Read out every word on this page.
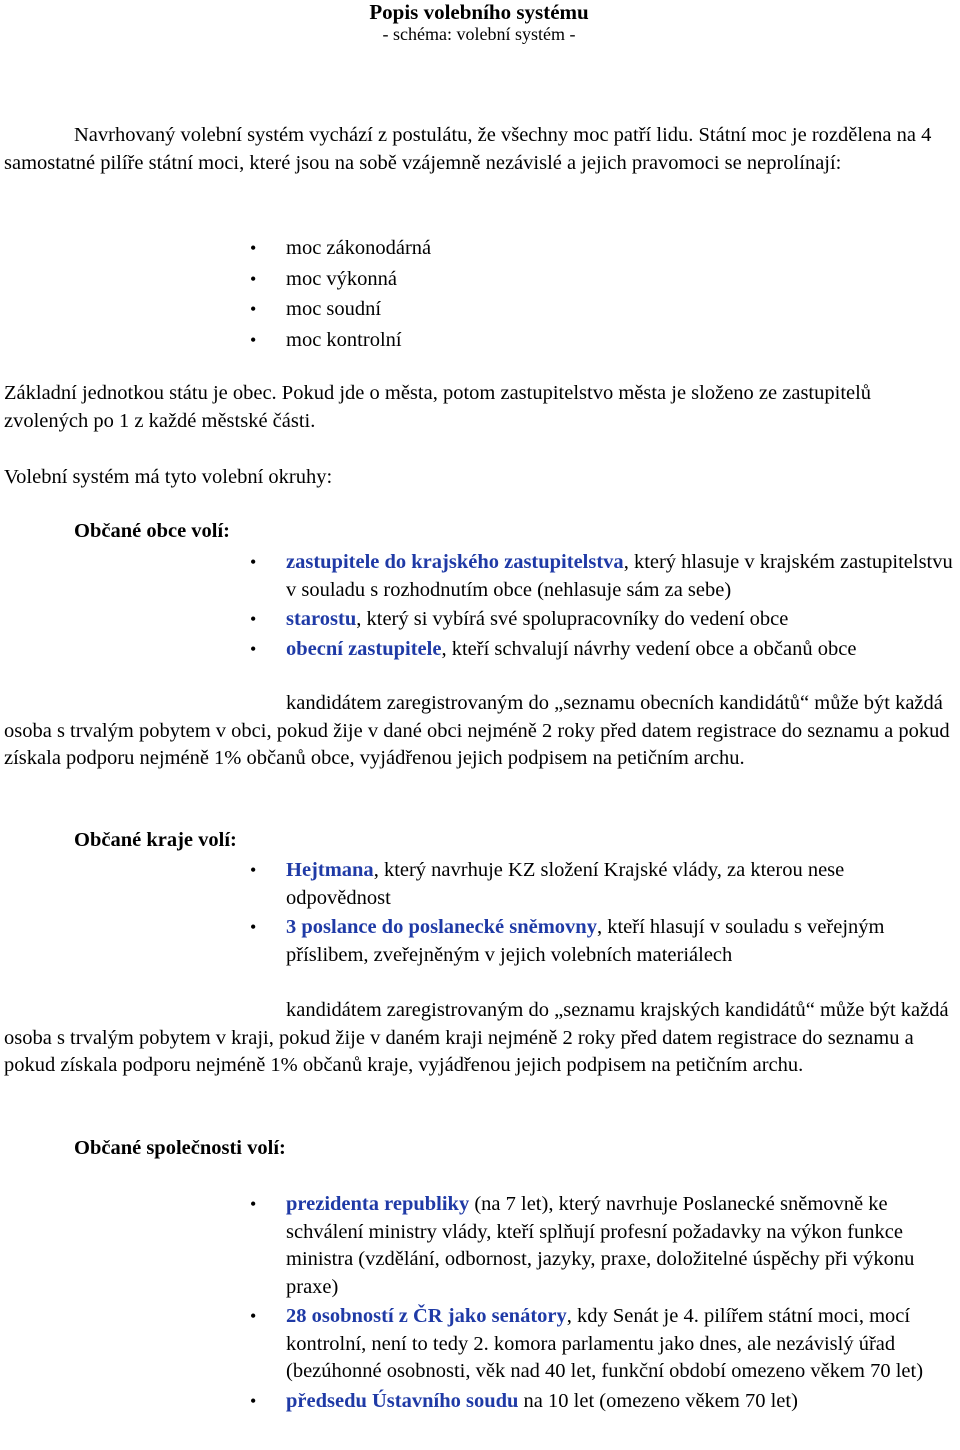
Popis volebního systému
- schéma: volební systém -

Navrhovaný volební systém vychází z postulátu, že všechny moc patří lidu. Státní moc je rozdělena na 4 samostatné pilíře státní moci, které jsou na sobě vzájemně nezávislé a jejich pravomoci se neprolínají:

• moc zákonodárná
• moc výkonná
• moc soudní
• moc kontrolní

Základní jednotkou státu je obec. Pokud jde o města, potom zastupitelstvo města je složeno ze zastupitelů zvolených po 1 z každé městské části.

Volební systém má tyto volební okruhy:

Občané obce volí:
• zastupitele do krajského zastupitelstva, který hlasuje v krajském zastupitelstvu v souladu s rozhodnutím obce (nehlasuje sám za sebe)
• starostu, který si vybírá své spolupracovníky do vedení obce
• obecní zastupitele, kteří schvalují návrhy vedení obce a občanů obce

kandidátem zaregistrovaným do „seznamu obecních kandidátů“ může být každá osoba s trvalým pobytem v obci, pokud žije v dané obci nejméně 2 roky před datem registrace do seznamu a pokud získala podporu nejméně 1% občanů obce, vyjádřenou jejich podpisem na petičním archu.

Občané kraje volí:
• Hejtmana, který navrhuje KZ složení Krajské vlády, za kterou nese odpovědnost
• 3 poslance do poslanecké sněmovny, kteří hlasují v souladu s veřejným příslibem, zveřejněným v jejich volebních materiálech

kandidátem zaregistrovaným do „seznamu krajských kandidátů“ může být každá osoba s trvalým pobytem v kraji, pokud žije v daném kraji nejméně 2 roky před datem registrace do seznamu a pokud získala podporu nejméně 1% občanů kraje, vyjádřenou jejich podpisem na petičním archu.

Občané společnosti volí:
• prezidenta republiky (na 7 let), který navrhuje Poslanecké sněmovně ke schválení ministry vlády, kteří splňují profesní požadavky na výkon funkce ministra (vzdělání, odbornost, jazyky, praxe, doložitelné úspěchy při výkonu praxe)
• 28 osobností z ČR jako senátory, kdy Senát je 4. pilířem státní moci, mocí kontrolní, není to tedy 2. komora parlamentu jako dnes, ale nezávislý úřad (bezúhonné osobnosti, věk nad 40 let, funkční období omezeno věkem 70 let)
• předsedu Ústavního soudu na 10 let (omezeno věkem 70 let)
